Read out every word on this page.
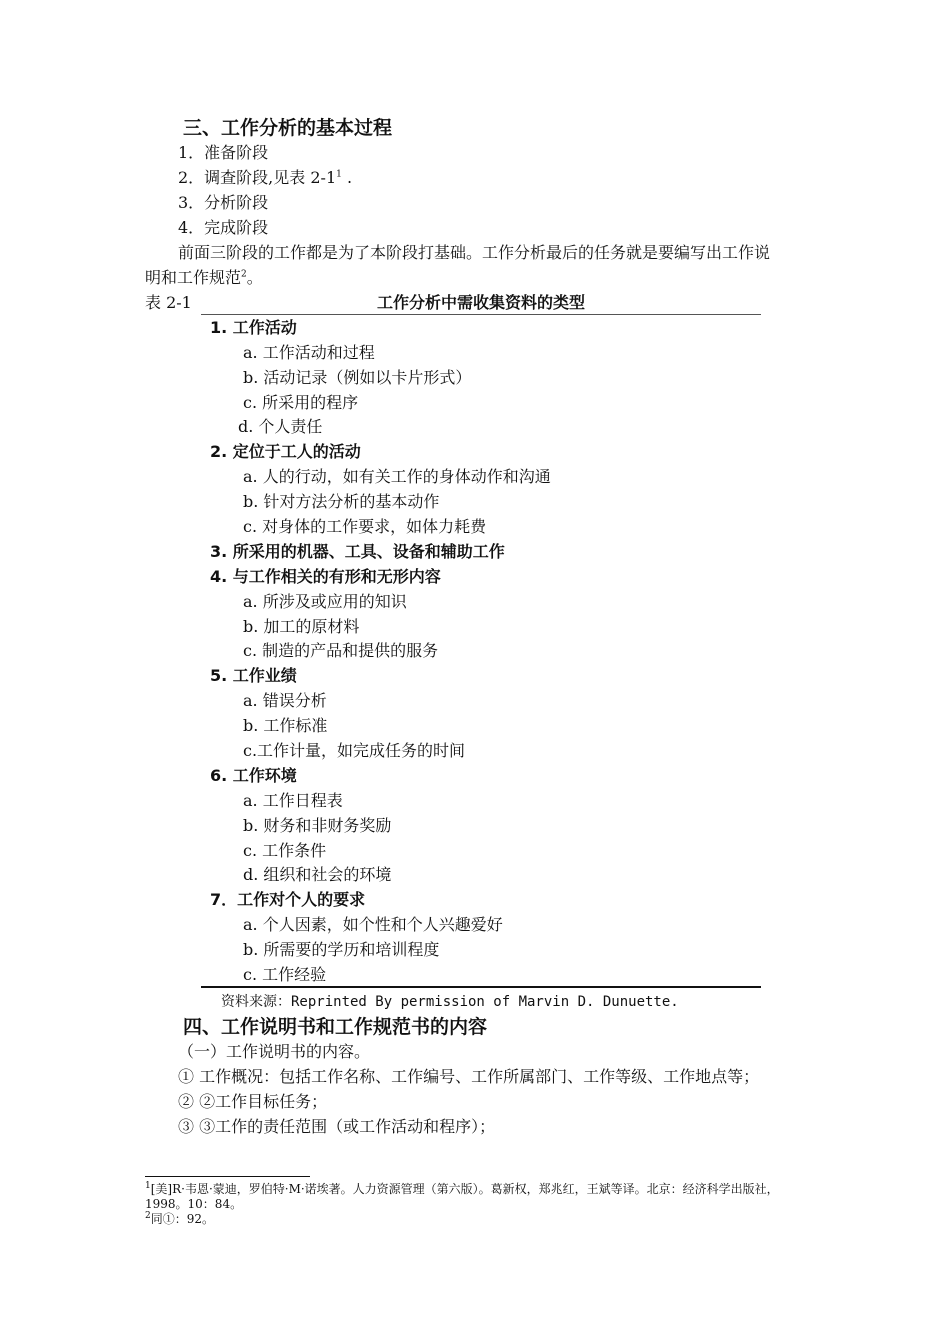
三、工作分析的基本过程
1．准备阶段
2．调查阶段,见表 $2-1^1$ .
3．分析阶段
4．完成阶段
前面三阶段的工作都是为了本阶段打基础。工作分析最后的任务就是要编写出工作说
明和工作规范$^2$。
表 2-1	工作分析中需收集资料的类型
1. 工作活动
a. 工作活动和过程
b. 活动记录（例如以卡片形式）
c. 所采用的程序
d. 个人责任
2. 定位于工人的活动
a. 人的行动，如有关工作的身体动作和沟通
b. 针对方法分析的基本动作
c. 对身体的工作要求，如体力耗费
3. 所采用的机器、工具、设备和辅助工作
4. 与工作相关的有形和无形内容
a. 所涉及或应用的知识
b. 加工的原材料
c. 制造的产品和提供的服务
5. 工作业绩
a. 错误分析
b. 工作标准
c.工作计量，如完成任务的时间
6. 工作环境
a. 工作日程表
b. 财务和非财务奖励
c. 工作条件
d. 组织和社会的环境
7．工作对个人的要求
a. 个人因素，如个性和个人兴趣爱好
b. 所需要的学历和培训程度
c. 工作经验
资料来源：Reprinted By permission of Marvin D. Dunuette.
四、工作说明书和工作规范书的内容
（一）工作说明书的内容。
① 工作概况：包括工作名称、工作编号、工作所属部门、工作等级、工作地点等；
② ②工作目标任务；
③ ③工作的责任范围（或工作活动和程序）；
$^1$[美]R·韦恩·蒙迪，罗伯特·M·诺埃著。人力资源管理（第六版）。葛新权，郑兆红，王斌等译。北京：经济科学出版社，1998。10：84。
$^2$同①：92。
